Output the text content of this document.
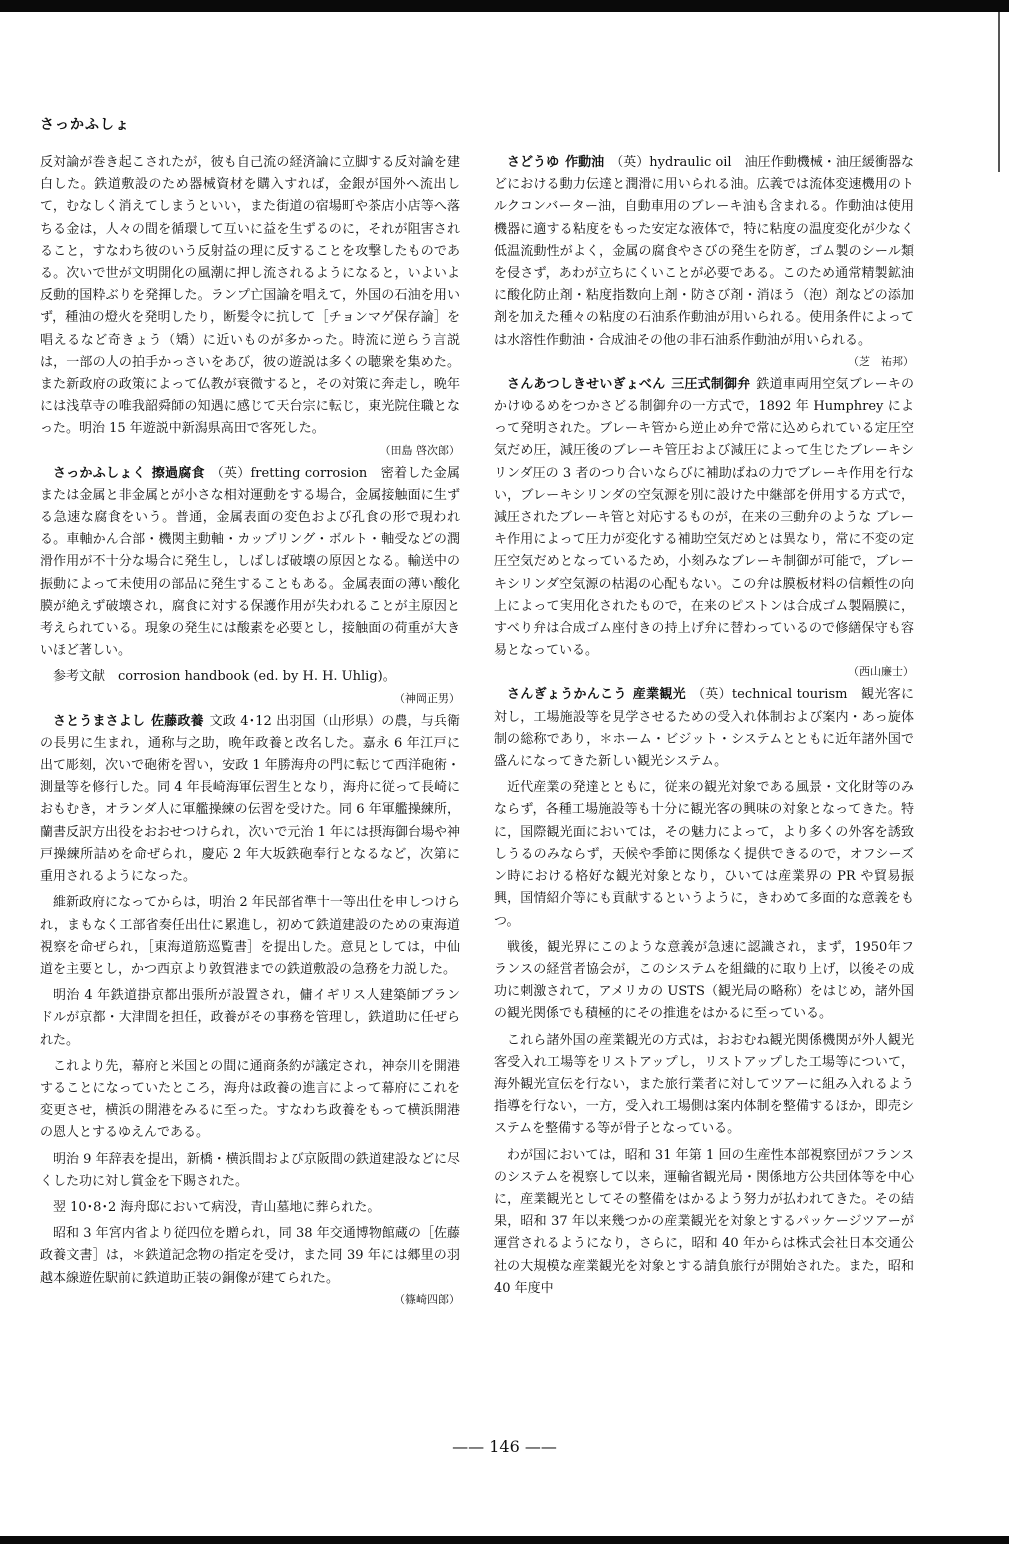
さっかふしょ

反対論が巻き起こされたが，彼も自己流の経済論に立脚する反対論を建白した。鉄道敷設のため器械資材を購入すれば，金銀が国外へ流出して，むなしく消えてしまうといい，また街道の宿場町や茶店小店等へ落ちる金は，人々の間を循環して互いに益を生ずるのに，それが阻害されること，すなわち彼のいう反射益の理に反することを攻撃したものである。次いで世が文明開化の風潮に押し流されるようになると，いよいよ反動的国粋ぶりを発揮した。ランプ亡国論を唱えて，外国の石油を用いず，種油の燈火を発明したり，断髪令に抗して［チョンマゲ保存論］を唱えるなど奇きょう（矯）に近いものが多かった。時流に逆らう言説は，一部の人の拍手かっさいをあび，彼の遊説は多くの聴衆を集めた。また新政府の政策によって仏教が衰微すると，その対策に奔走し，晩年には浅草寺の唯我韶舜師の知遇に感じて天台宗に転じ，東光院住職となった。明治 15 年遊説中新潟県高田で客死した。

（田島 啓次郎）

さっかふしょく 擦過腐食 （英）fretting corrosion　密着した金属または金属と非金属とが小さな相対運動をする場合，金属接触面に生ずる急速な腐食をいう。普通，金属表面の変色および孔食の形で現われる。車軸かん合部・機関主動軸・カップリング・ボルト・軸受などの潤滑作用が不十分な場合に発生し，しばしば破壊の原因となる。輸送中の振動によって未使用の部品に発生することもある。金属表面の薄い酸化膜が絶えず破壊され，腐食に対する保護作用が失われることが主原因と考えられている。現象の発生には酸素を必要とし，接触面の荷重が大きいほど著しい。

参考文献　corrosion handbook (ed. by H. H. Uhlig)。

（神岡正男）

さとうまさよし 佐藤政養 文政 4･12 出羽国（山形県）の農，与兵衛の長男に生まれ，通称与之助，晩年政養と改名した。嘉永 6 年江戸に出て彫刻，次いで砲術を習い，安政 1 年勝海舟の門に転じて西洋砲術・測量等を修行した。同 4 年長崎海軍伝習生となり，海舟に従って長崎におもむき，オランダ人に軍艦操練の伝習を受けた。同 6 年軍艦操練所，蘭書反訳方出役をおおせつけられ，次いで元治 1 年には摂海御台場や神戸操練所詰めを命ぜられ，慶応 2 年大坂鉄砲奉行となるなど，次第に重用されるようになった。

維新政府になってからは，明治 2 年民部省準十一等出仕を申しつけられ，まもなく工部省奏任出仕に累進し，初めて鉄道建設のための東海道視察を命ぜられ，［東海道筋巡覧書］を提出した。意見としては，中仙道を主要とし，かつ西京より敦賀港までの鉄道敷設の急務を力説した。

明治 4 年鉄道掛京都出張所が設置され，傭イギリス人建築師ブランドルが京都・大津間を担任，政養がその事務を管理し，鉄道助に任ぜられた。

これより先，幕府と米国との間に通商条約が議定され，神奈川を開港することになっていたところ，海舟は政養の進言によって幕府にこれを変更させ，横浜の開港をみるに至った。すなわち政養をもって横浜開港の恩人とするゆえんである。

明治 9 年辞表を提出，新橋・横浜間および京阪間の鉄道建設などに尽くした功に対し賞金を下賜された。

翌 10･8･2 海舟邸において病没，青山墓地に葬られた。

昭和 3 年宮内省より従四位を贈られ，同 38 年交通博物館蔵の［佐藤政養文書］は，＊鉄道記念物の指定を受け，また同 39 年には郷里の羽越本線遊佐駅前に鉄道助正装の銅像が建てられた。

（篠崎四郎）

さどうゆ 作動油 （英）hydraulic oil　油圧作動機械・油圧緩衝器などにおける動力伝達と潤滑に用いられる油。広義では流体変速機用のトルクコンバーター油，自動車用のブレーキ油も含まれる。作動油は使用機器に適する粘度をもった安定な液体で，特に粘度の温度変化が少なく低温流動性がよく，金属の腐食やさびの発生を防ぎ，ゴム製のシール類を侵さず，あわが立ちにくいことが必要である。このため通常精製鉱油に酸化防止剤・粘度指数向上剤・防さび剤・消ほう（泡）剤などの添加剤を加えた種々の粘度の石油系作動油が用いられる。使用条件によっては水溶性作動油・合成油その他の非石油系作動油が用いられる。

（芝　祐邦）

さんあつしきせいぎょべん 三圧式制御弁 鉄道車両用空気ブレーキのかけゆるめをつかさどる制御弁の一方式で，1892 年 Humphrey によって発明された。ブレーキ管から逆止め弁で常に込められている定圧空気だめ圧，減圧後のブレーキ管圧および減圧によって生じたブレーキシリンダ圧の 3 者のつり合いならびに補助ばねの力でブレーキ作用を行ない，ブレーキシリンダの空気源を別に設けた中継部を併用する方式で，減圧されたブレーキ管と対応するものが，在来の三動弁のような ブレーキ作用によって圧力が変化する補助空気だめとは異なり，常に不変の定圧空気だめとなっているため，小刻みなブレーキ制御が可能で，ブレーキシリンダ空気源の枯渇の心配もない。この弁は膜板材料の信頼性の向上によって実用化されたもので，在来のピストンは合成ゴム製隔膜に，すべり弁は合成ゴム座付きの持上げ弁に替わっているので修繕保守も容易となっている。

（西山廉士）

さんぎょうかんこう 産業観光 （英）technical tourism　観光客に対し，工場施設等を見学させるための受入れ体制および案内・あっ旋体制の総称であり，＊ホーム・ビジット・システムとともに近年諸外国で盛んになってきた新しい観光システム。

近代産業の発達とともに，従来の観光対象である風景・文化財等のみならず，各種工場施設等も十分に観光客の興味の対象となってきた。特に，国際観光面においては，その魅力によって，より多くの外客を誘致しうるのみならず，天候や季節に関係なく提供できるので，オフシーズン時における格好な観光対象となり，ひいては産業界の PR や貿易振興，国情紹介等にも貢献するというように，きわめて多面的な意義をもつ。

戦後，観光界にこのような意義が急速に認識され，まず，1950年フランスの経営者協会が，このシステムを組織的に取り上げ，以後その成功に刺激されて，アメリカの USTS（観光局の略称）をはじめ，諸外国の観光関係でも積極的にその推進をはかるに至っている。

これら諸外国の産業観光の方式は，おおむね観光関係機関が外人観光客受入れ工場等をリストアップし，リストアップした工場等について，海外観光宣伝を行ない，また旅行業者に対してツアーに組み入れるよう指導を行ない，一方，受入れ工場側は案内体制を整備するほか，即売システムを整備する等が骨子となっている。

わが国においては，昭和 31 年第 1 回の生産性本部視察団がフランスのシステムを視察して以来，運輸省観光局・関係地方公共団体等を中心に，産業観光としてその整備をはかるよう努力が払われてきた。その結果，昭和 37 年以来幾つかの産業観光を対象とするパッケージツアーが運営されるようになり，さらに，昭和 40 年からは株式会社日本交通公社の大規模な産業観光を対象とする請負旅行が開始された。また，昭和 40 年度中

—— 146 ——
